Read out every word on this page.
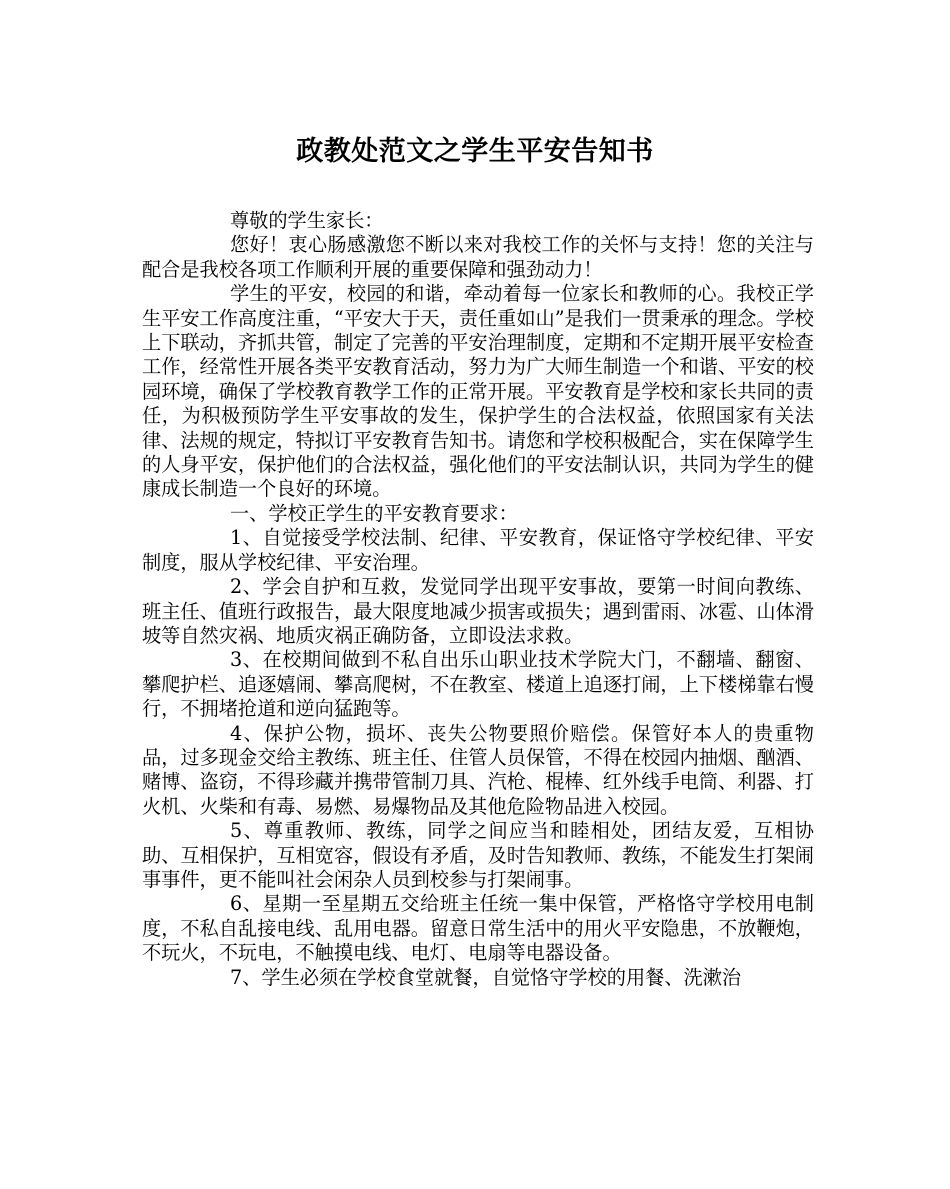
政教处范文之学生平安告知书

尊敬的学生家长：

您好！衷心肠感激您不断以来对我校工作的关怀与支持！您的关注与配合是我校各项工作顺利开展的重要保障和强劲动力！

学生的平安，校园的和谐，牵动着每一位家长和教师的心。我校正学生平安工作高度注重，“平安大于天，责任重如山”是我们一贯秉承的理念。学校上下联动，齐抓共管，制定了完善的平安治理制度，定期和不定期开展平安检查工作，经常性开展各类平安教育活动，努力为广大师生制造一个和谐、平安的校园环境，确保了学校教育教学工作的正常开展。平安教育是学校和家长共同的责任，为积极预防学生平安事故的发生，保护学生的合法权益，依照国家有关法律、法规的规定，特拟订平安教育告知书。请您和学校积极配合，实在保障学生的人身平安，保护他们的合法权益，强化他们的平安法制认识，共同为学生的健康成长制造一个良好的环境。

一、学校正学生的平安教育要求：

1、自觉接受学校法制、纪律、平安教育，保证恪守学校纪律、平安制度，服从学校纪律、平安治理。

2、学会自护和互救，发觉同学出现平安事故，要第一时间向教练、班主任、值班行政报告，最大限度地减少损害或损失；遇到雷雨、冰雹、山体滑坡等自然灾祸、地质灾祸正确防备，立即设法求救。

3、在校期间做到不私自出乐山职业技术学院大门，不翻墙、翻窗、攀爬护栏、追逐嬉闹、攀高爬树，不在教室、楼道上追逐打闹，上下楼梯靠右慢行，不拥堵抢道和逆向猛跑等。

4、保护公物，损坏、丧失公物要照价赔偿。保管好本人的贵重物品，过多现金交给主教练、班主任、住管人员保管，不得在校园内抽烟、酗酒、赌博、盗窃，不得珍藏并携带管制刀具、汽枪、棍棒、红外线手电筒、利器、打火机、火柴和有毒、易燃、易爆物品及其他危险物品进入校园。

5、尊重教师、教练，同学之间应当和睦相处，团结友爱，互相协助、互相保护，互相宽容，假设有矛盾，及时告知教师、教练，不能发生打架闹事事件，更不能叫社会闲杂人员到校参与打架闹事。

6、星期一至星期五交给班主任统一集中保管，严格恪守学校用电制度，不私自乱接电线、乱用电器。留意日常生活中的用火平安隐患，不放鞭炮，不玩火，不玩电，不触摸电线、电灯、电扇等电器设备。

7、学生必须在学校食堂就餐，自觉恪守学校的用餐、洗漱治
